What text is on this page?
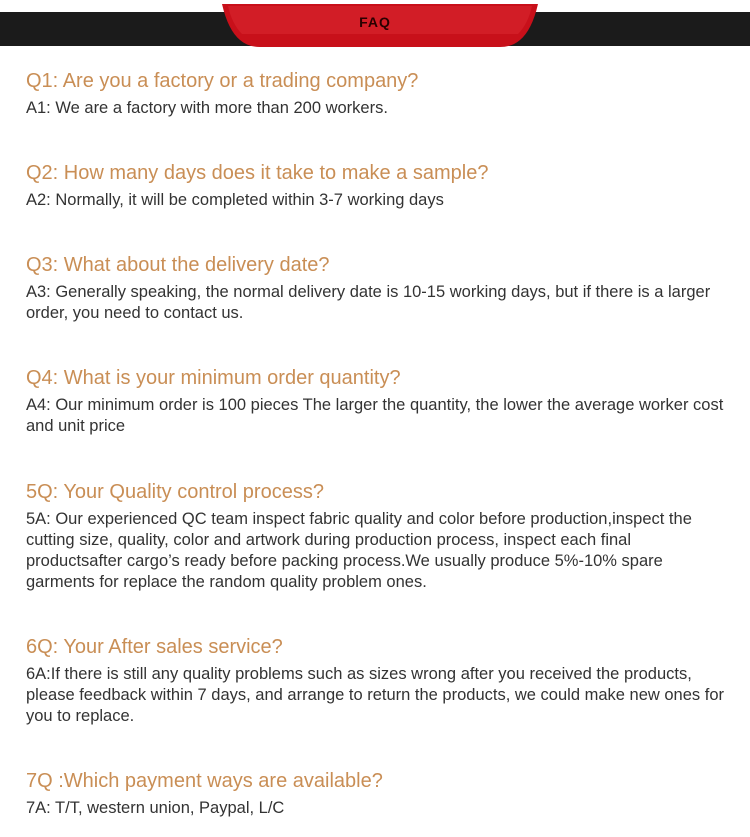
FAQ
Q1: Are you a factory or a trading company?
A1: We are a factory with more than 200 workers.
Q2: How many days does it take to make a sample?
A2: Normally, it will be completed within 3-7 working days
Q3: What about the delivery date?
A3: Generally speaking, the normal delivery date is 10-15 working days, but if there is a larger order, you need to contact us.
Q4: What is your minimum order quantity?
A4: Our minimum order is 100 pieces The larger the quantity, the lower the average worker cost and unit price
5Q: Your Quality control process?
5A: Our experienced QC team inspect fabric quality and color before production,inspect the cutting size, quality, color and artwork during production process, inspect each final productsafter cargo’s ready before packing process.We usually produce 5%-10% spare garments for replace the random quality problem ones.
6Q: Your After sales service?
6A:If there is still any quality problems such as sizes wrong after you received the products, please feedback within 7 days, and arrange to return the products, we could make new ones for you to replace.
7Q :Which payment ways are available?
7A: T/T, western union, Paypal, L/C
